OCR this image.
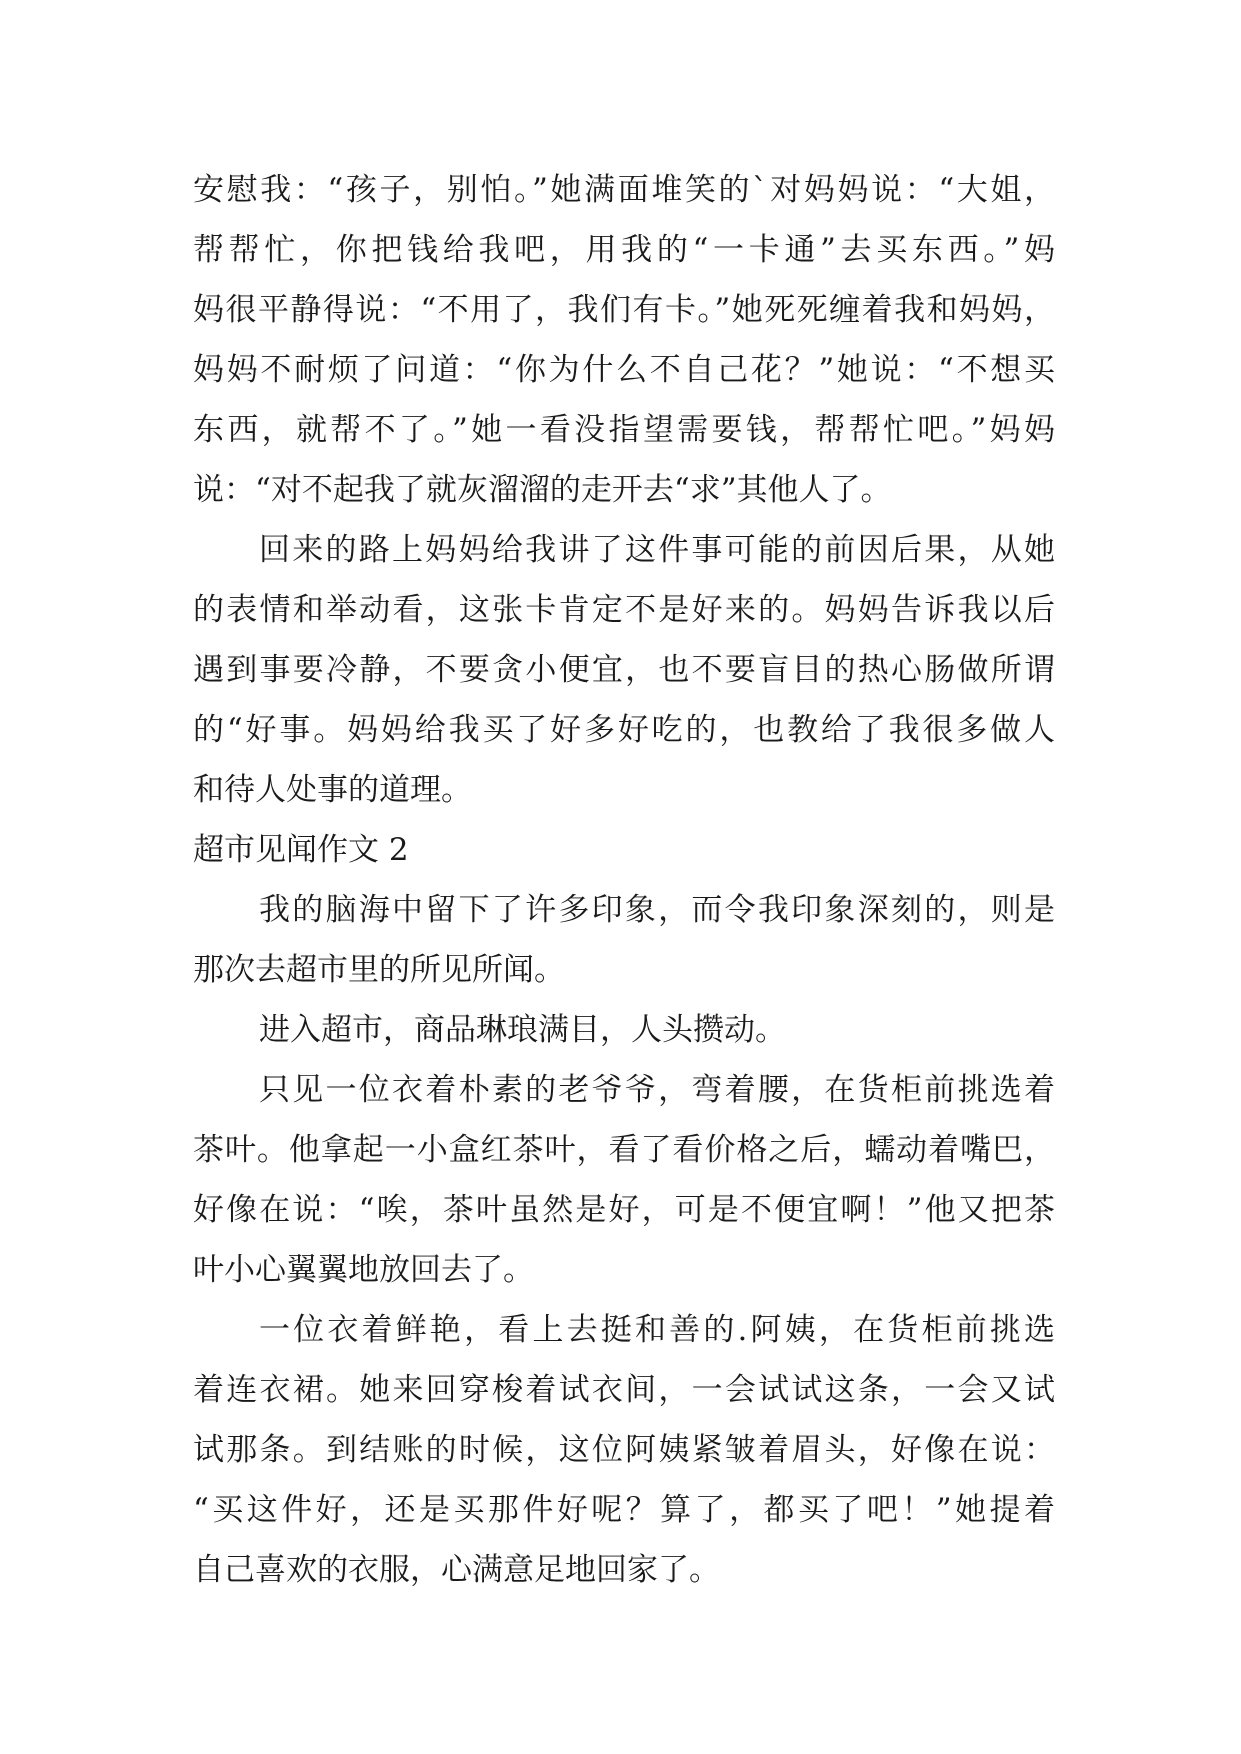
安慰我：“孩子，别怕。”她满面堆笑的`对妈妈说：“大姐，
帮帮忙，你把钱给我吧，用我的“一卡通”去买东西。”妈
妈很平静得说：“不用了，我们有卡。”她死死缠着我和妈妈，
妈妈不耐烦了问道：“你为什么不自己花？”她说：“不想买
东西，就帮不了。”她一看没指望需要钱，帮帮忙吧。”妈妈
说：“对不起我了就灰溜溜的走开去“求”其他人了。
回来的路上妈妈给我讲了这件事可能的前因后果，从她
的表情和举动看，这张卡肯定不是好来的。妈妈告诉我以后
遇到事要冷静，不要贪小便宜，也不要盲目的热心肠做所谓
的“好事。妈妈给我买了好多好吃的，也教给了我很多做人
和待人处事的道理。
超市见闻作文 2
我的脑海中留下了许多印象，而令我印象深刻的，则是
那次去超市里的所见所闻。
进入超市，商品琳琅满目，人头攒动。
只见一位衣着朴素的老爷爷，弯着腰，在货柜前挑选着
茶叶。他拿起一小盒红茶叶，看了看价格之后，蠕动着嘴巴，
好像在说：“唉，茶叶虽然是好，可是不便宜啊！”他又把茶
叶小心翼翼地放回去了。
一位衣着鲜艳，看上去挺和善的.阿姨，在货柜前挑选
着连衣裙。她来回穿梭着试衣间，一会试试这条，一会又试
试那条。到结账的时候，这位阿姨紧皱着眉头，好像在说：
“买这件好，还是买那件好呢？算了，都买了吧！”她提着
自己喜欢的衣服，心满意足地回家了。
